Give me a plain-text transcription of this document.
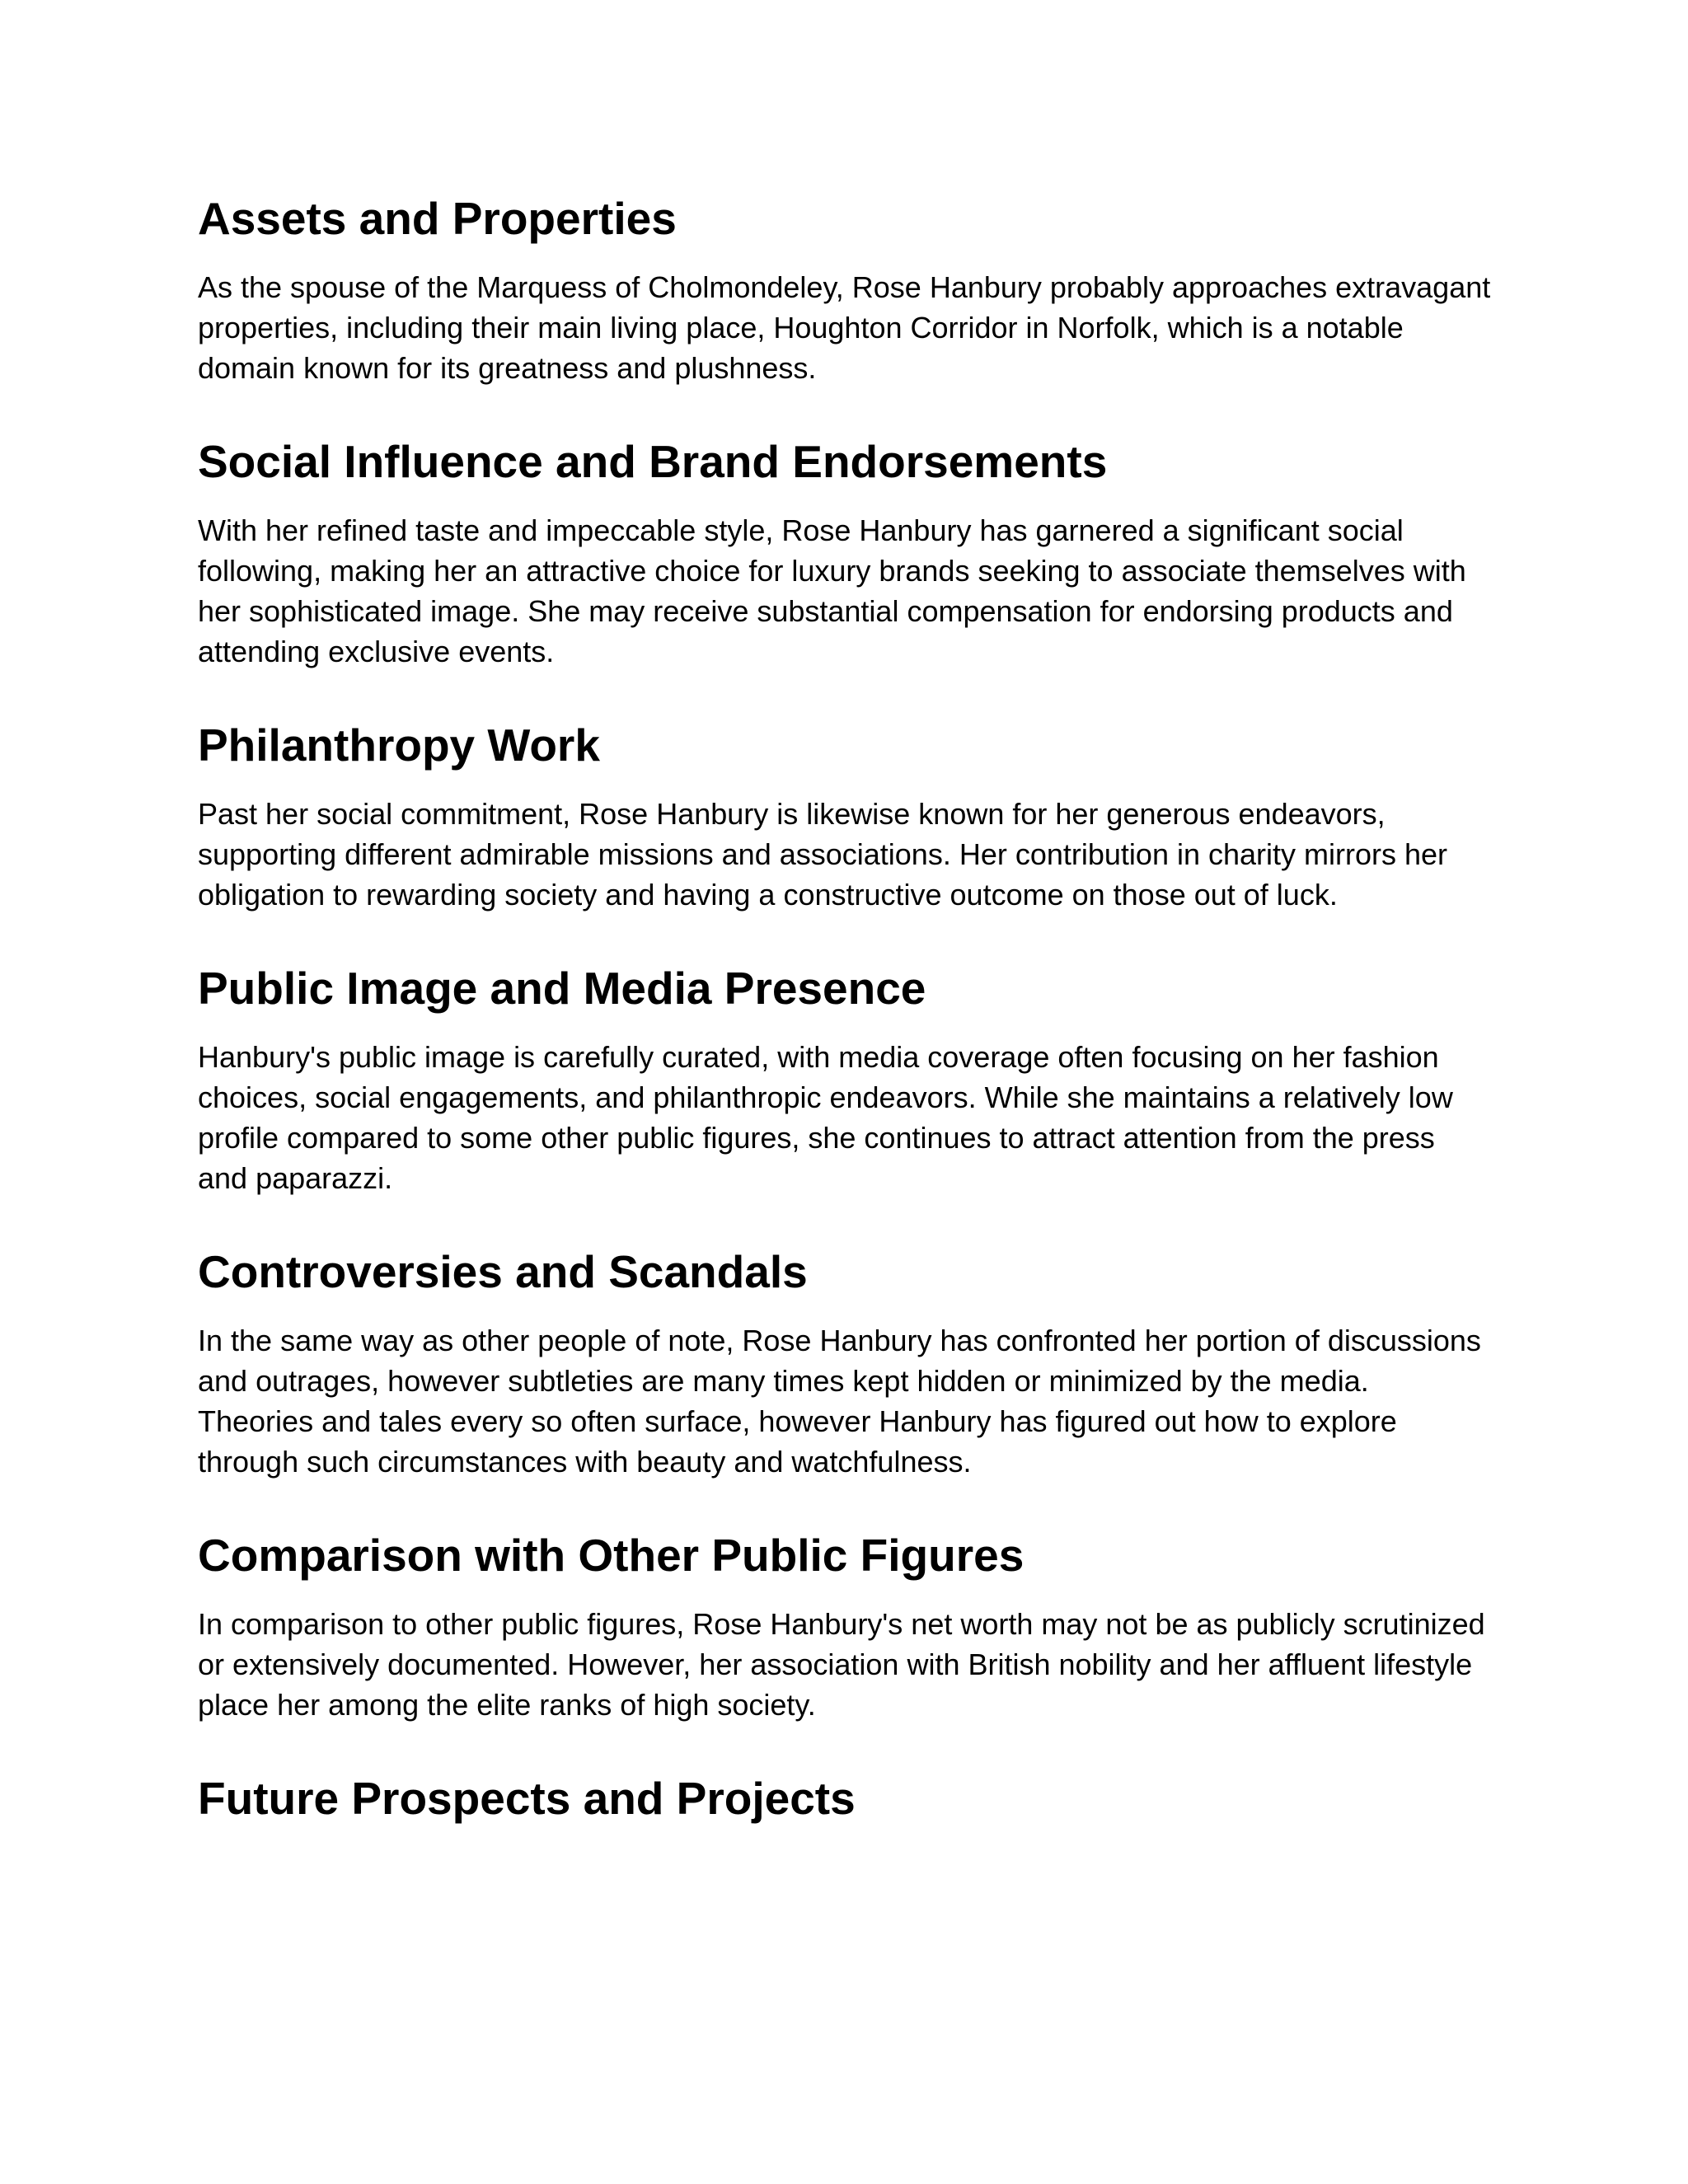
Assets and Properties

As the spouse of the Marquess of Cholmondeley, Rose Hanbury probably approaches extravagant properties, including their main living place, Houghton Corridor in Norfolk, which is a notable domain known for its greatness and plushness.

Social Influence and Brand Endorsements

With her refined taste and impeccable style, Rose Hanbury has garnered a significant social following, making her an attractive choice for luxury brands seeking to associate themselves with her sophisticated image. She may receive substantial compensation for endorsing products and attending exclusive events.

Philanthropy Work

Past her social commitment, Rose Hanbury is likewise known for her generous endeavors, supporting different admirable missions and associations. Her contribution in charity mirrors her obligation to rewarding society and having a constructive outcome on those out of luck.

Public Image and Media Presence

Hanbury's public image is carefully curated, with media coverage often focusing on her fashion choices, social engagements, and philanthropic endeavors. While she maintains a relatively low profile compared to some other public figures, she continues to attract attention from the press and paparazzi.

Controversies and Scandals

In the same way as other people of note, Rose Hanbury has confronted her portion of discussions and outrages, however subtleties are many times kept hidden or minimized by the media. Theories and tales every so often surface, however Hanbury has figured out how to explore through such circumstances with beauty and watchfulness.

Comparison with Other Public Figures

In comparison to other public figures, Rose Hanbury's net worth may not be as publicly scrutinized or extensively documented. However, her association with British nobility and her affluent lifestyle place her among the elite ranks of high society.

Future Prospects and Projects
